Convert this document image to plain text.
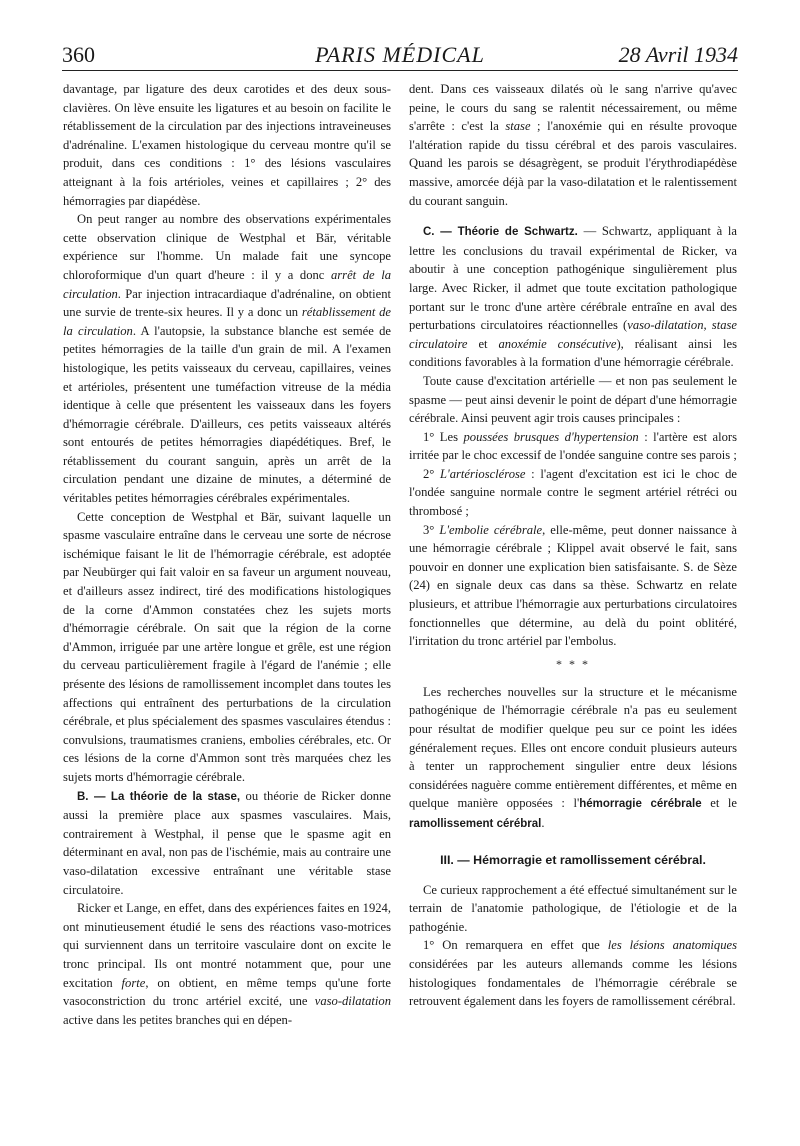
360	PARIS MÉDICAL	28 Avril 1934

davantage, par ligature des deux carotides et des deux sous-clavières. On lève ensuite les ligatures et au besoin on facilite le rétablissement de la circulation par des injections intraveineuses d'adrénaline. L'examen histologique du cerveau montre qu'il se produit, dans ces conditions : 1° des lésions vasculaires atteignant à la fois artérioles, veines et capillaires ; 2° des hémorragies par diapédèse.

On peut ranger au nombre des observations expérimentales cette observation clinique de Westphal et Bär, véritable expérience sur l'homme. Un malade fait une syncope chloroformique d'un quart d'heure : il y a donc arrêt de la circulation. Par injection intracardiaque d'adrénaline, on obtient une survie de trente-six heures. Il y a donc un rétablissement de la circulation. A l'autopsie, la substance blanche est semée de petites hémorragies de la taille d'un grain de mil. A l'examen histologique, les petits vaisseaux du cerveau, capillaires, veines et artérioles, présentent une tuméfaction vitreuse de la média identique à celle que présentent les vaisseaux dans les foyers d'hémorragie cérébrale. D'ailleurs, ces petits vaisseaux altérés sont entourés de petites hémorragies diapédétiques. Bref, le rétablissement du courant sanguin, après un arrêt de la circulation pendant une dizaine de minutes, a déterminé de véritables petites hémorragies cérébrales expérimentales.

Cette conception de Westphal et Bär, suivant laquelle un spasme vasculaire entraîne dans le cerveau une sorte de nécrose ischémique faisant le lit de l'hémorragie cérébrale, est adoptée par Neubürger qui fait valoir en sa faveur un argument nouveau, et d'ailleurs assez indirect, tiré des modifications histologiques de la corne d'Ammon constatées chez les sujets morts d'hémorragie cérébrale. On sait que la région de la corne d'Ammon, irriguée par une artère longue et grêle, est une région du cerveau particulièrement fragile à l'égard de l'anémie ; elle présente des lésions de ramollissement incomplet dans toutes les affections qui entraînent des perturbations de la circulation cérébrale, et plus spécialement des spasmes vasculaires étendus : convulsions, traumatismes craniens, embolies cérébrales, etc. Or ces lésions de la corne d'Ammon sont très marquées chez les sujets morts d'hémorragie cérébrale.

B. — La théorie de la stase, ou théorie de Ricker donne aussi la première place aux spasmes vasculaires. Mais, contrairement à Westphal, il pense que le spasme agit en déterminant en aval, non pas de l'ischémie, mais au contraire une vaso-dilatation excessive entraînant une véritable stase circulatoire.

Ricker et Lange, en effet, dans des expériences faites en 1924, ont minutieusement étudié le sens des réactions vaso-motrices qui surviennent dans un territoire vasculaire dont on excite le tronc principal. Ils ont montré notamment que, pour une excitation forte, on obtient, en même temps qu'une forte vasoconstriction du tronc artériel excité, une vaso-dilatation active dans les petites branches qui en dépen-

dent. Dans ces vaisseaux dilatés où le sang n'arrive qu'avec peine, le cours du sang se ralentit nécessairement, ou même s'arrête : c'est la stase ; l'anoxémie qui en résulte provoque l'altération rapide du tissu cérébral et des parois vasculaires. Quand les parois se désagrègent, se produit l'érythrodiapédèse massive, amorcée déjà par la vaso-dilatation et le ralentissement du courant sanguin.

C. — Théorie de Schwartz. — Schwartz, appliquant à la lettre les conclusions du travail expérimental de Ricker, va aboutir à une conception pathogénique singulièrement plus large. Avec Ricker, il admet que toute excitation pathologique portant sur le tronc d'une artère cérébrale entraîne en aval des perturbations circulatoires réactionnelles (vaso-dilatation, stase circulatoire et anoxémie consécutive), réalisant ainsi les conditions favorables à la formation d'une hémorragie cérébrale.

Toute cause d'excitation artérielle — et non pas seulement le spasme — peut ainsi devenir le point de départ d'une hémorragie cérébrale. Ainsi peuvent agir trois causes principales :

1° Les poussées brusques d'hypertension : l'artère est alors irritée par le choc excessif de l'ondée sanguine contre ses parois ;

2° L'artériosclérose : l'agent d'excitation est ici le choc de l'ondée sanguine normale contre le segment artériel rétréci ou thrombosé ;

3° L'embolie cérébrale, elle-même, peut donner naissance à une hémorragie cérébrale ; Klippel avait observé le fait, sans pouvoir en donner une explication bien satisfaisante. S. de Sèze (24) en signale deux cas dans sa thèse. Schwartz en relate plusieurs, et attribue l'hémorragie aux perturbations circulatoires fonctionnelles que détermine, au delà du point oblitéré, l'irritation du tronc artériel par l'embolus.

* * *

Les recherches nouvelles sur la structure et le mécanisme pathogénique de l'hémorragie cérébrale n'a pas eu seulement pour résultat de modifier quelque peu sur ce point les idées généralement reçues. Elles ont encore conduit plusieurs auteurs à tenter un rapprochement singulier entre deux lésions considérées naguère comme entièrement différentes, et même en quelque manière opposées : l'hémorragie cérébrale et le ramollissement cérébral.

III. — Hémorragie et ramollissement cérébral.

Ce curieux rapprochement a été effectué simultanément sur le terrain de l'anatomie pathologique, de l'étiologie et de la pathogénie.

1° On remarquera en effet que les lésions anatomiques considérées par les auteurs allemands comme les lésions histologiques fondamentales de l'hémorragie cérébrale se retrouvent également dans les foyers de ramollissement cérébral.
